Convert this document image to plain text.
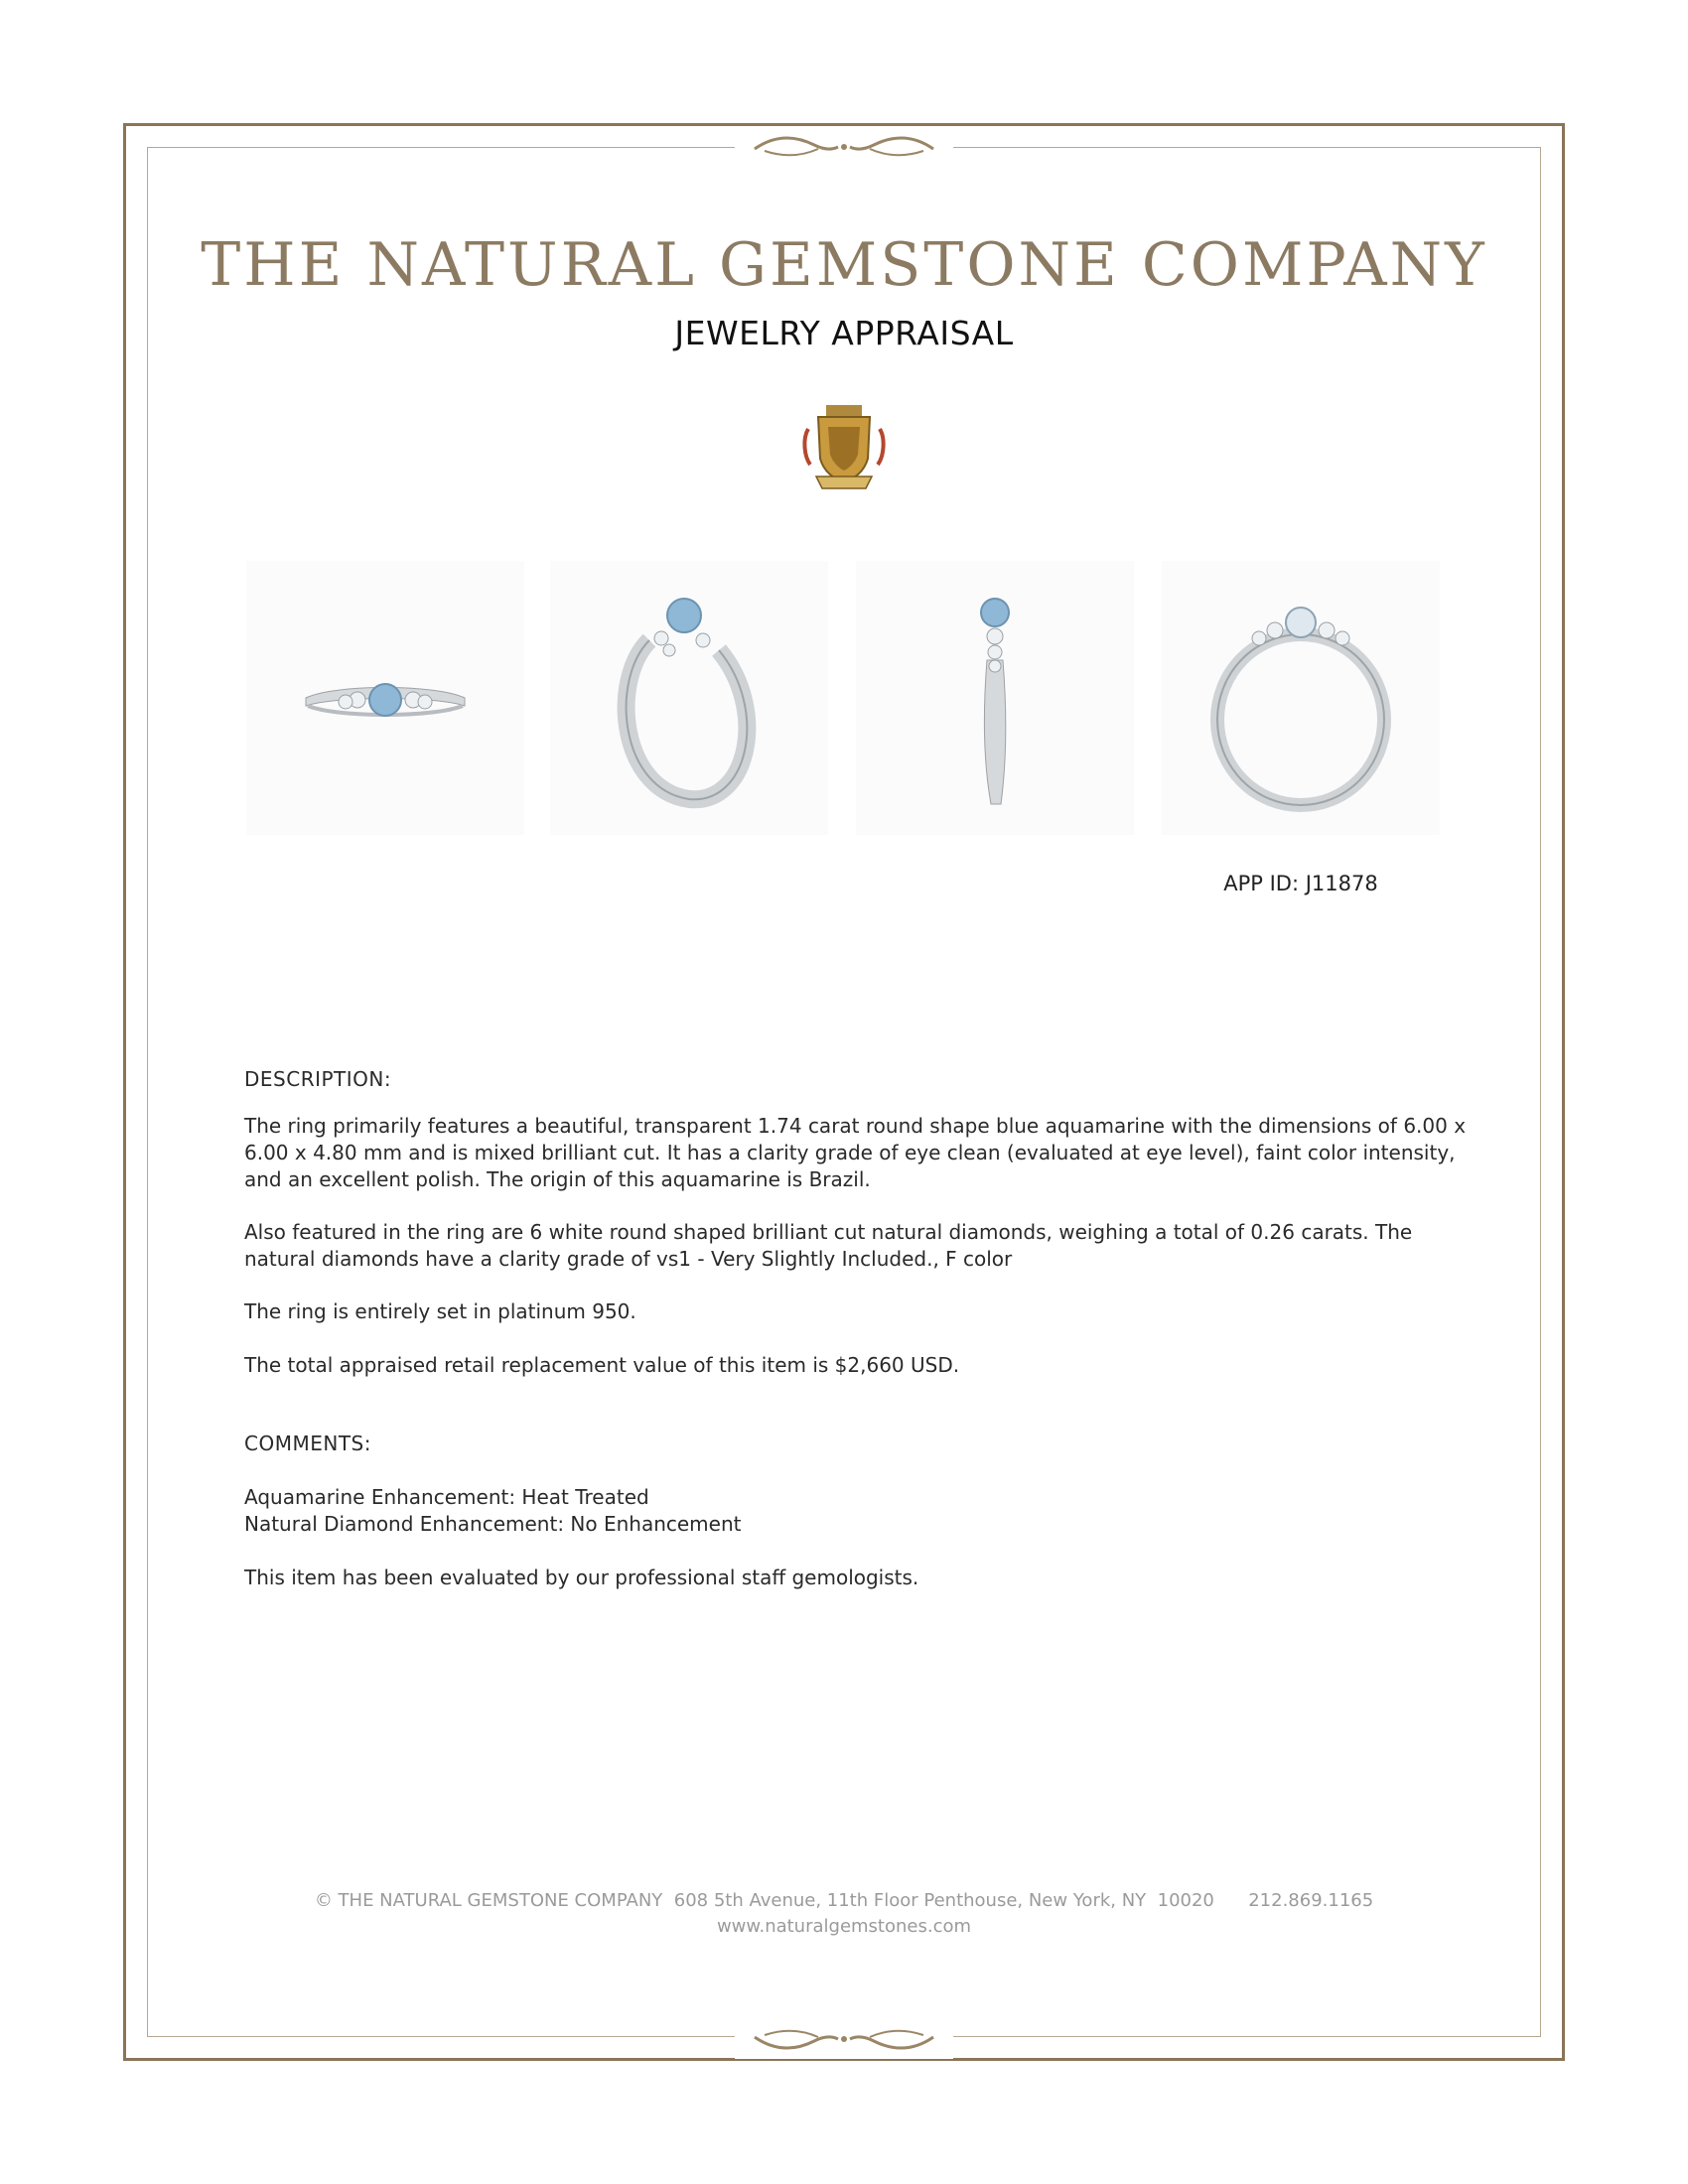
THE NATURAL GEMSTONE COMPANY
JEWELRY APPRAISAL
APP ID: J11878
DESCRIPTION:
The ring primarily features a beautiful, transparent 1.74 carat round shape blue aquamarine with the dimensions of 6.00 x 6.00 x 4.80 mm and is mixed brilliant cut. It has a clarity grade of eye clean (evaluated at eye level), faint color intensity, and an excellent polish. The origin of this aquamarine is Brazil.
Also featured in the ring are 6 white round shaped brilliant cut natural diamonds, weighing a total of 0.26 carats. The natural diamonds have a clarity grade of vs1 - Very Slightly Included., F color
The ring is entirely set in platinum 950.
The total appraised retail replacement value of this item is $2,660 USD.
COMMENTS:
Aquamarine Enhancement: Heat Treated
Natural Diamond Enhancement: No Enhancement
This item has been evaluated by our professional staff gemologists.
© THE NATURAL GEMSTONE COMPANY  608 5th Avenue, 11th Floor Penthouse, New York, NY  10020      212.869.1165
www.naturalgemstones.com
